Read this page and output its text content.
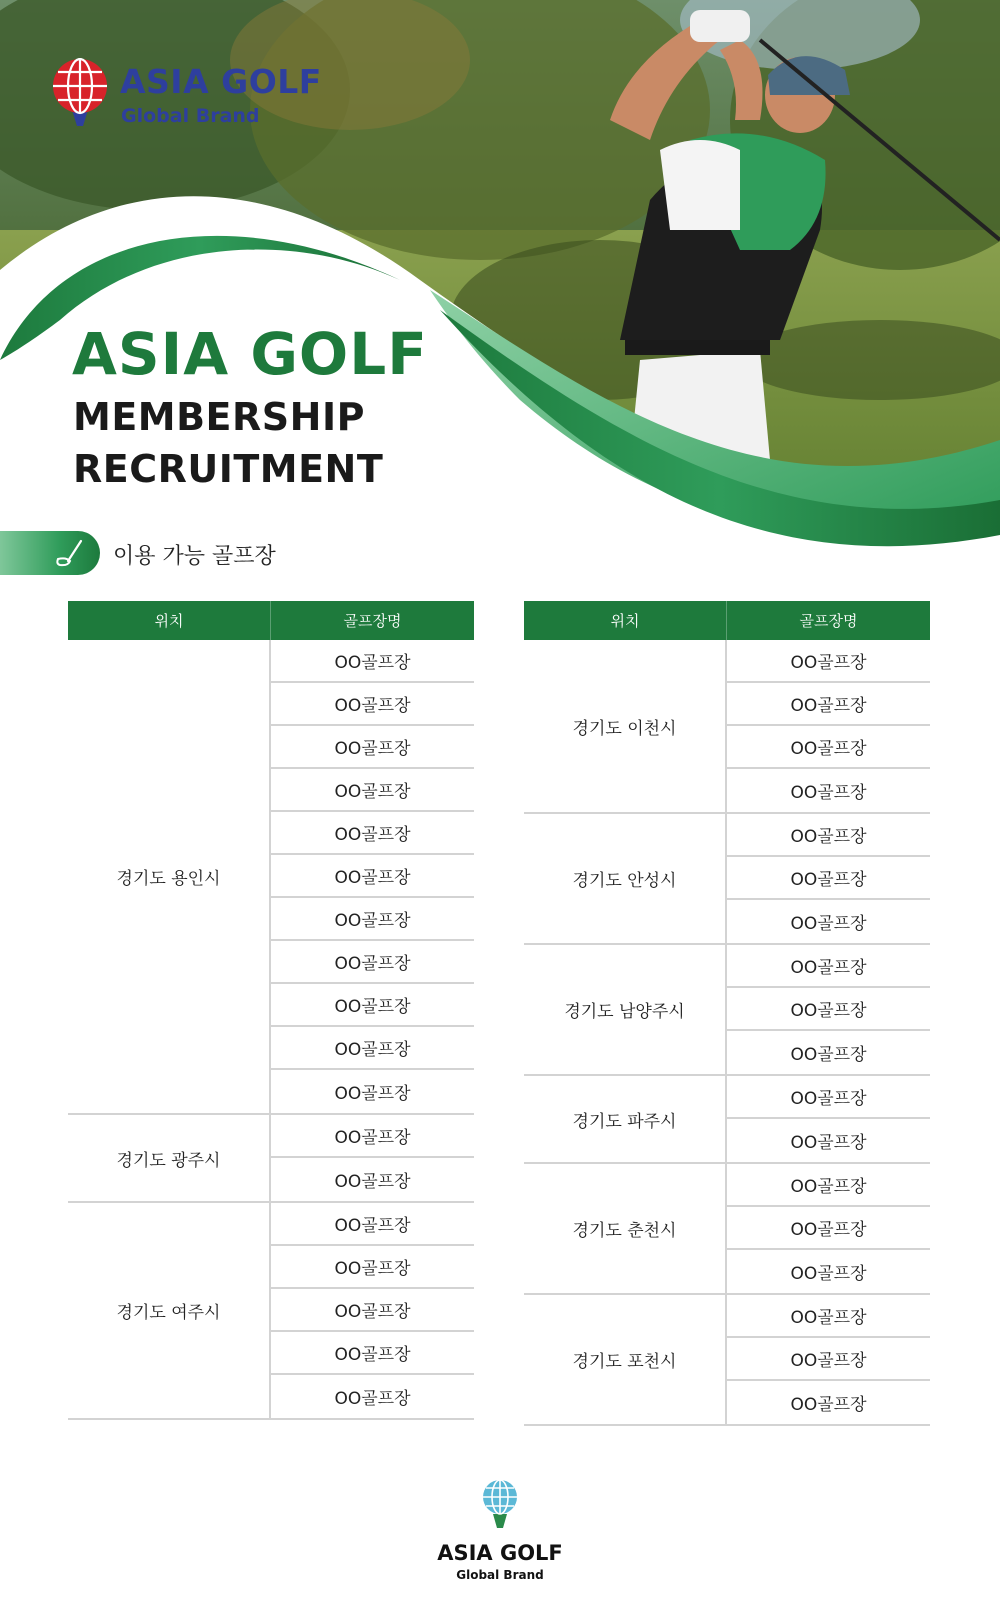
ASIA GOLF
Global Brand
ASIA GOLF
MEMBERSHIP
RECRUITMENT
이용 가능 골프장
위치	골프장명
경기도 용인시
OO골프장
OO골프장
OO골프장
OO골프장
OO골프장
OO골프장
OO골프장
OO골프장
OO골프장
OO골프장
OO골프장
경기도 광주시
OO골프장
OO골프장
경기도 여주시
OO골프장
OO골프장
OO골프장
OO골프장
OO골프장
위치	골프장명
경기도 이천시
OO골프장
OO골프장
OO골프장
OO골프장
경기도 안성시
OO골프장
OO골프장
OO골프장
경기도 남양주시
OO골프장
OO골프장
OO골프장
경기도 파주시
OO골프장
OO골프장
경기도 춘천시
OO골프장
OO골프장
OO골프장
경기도 포천시
OO골프장
OO골프장
OO골프장
ASIA GOLF
Global Brand
